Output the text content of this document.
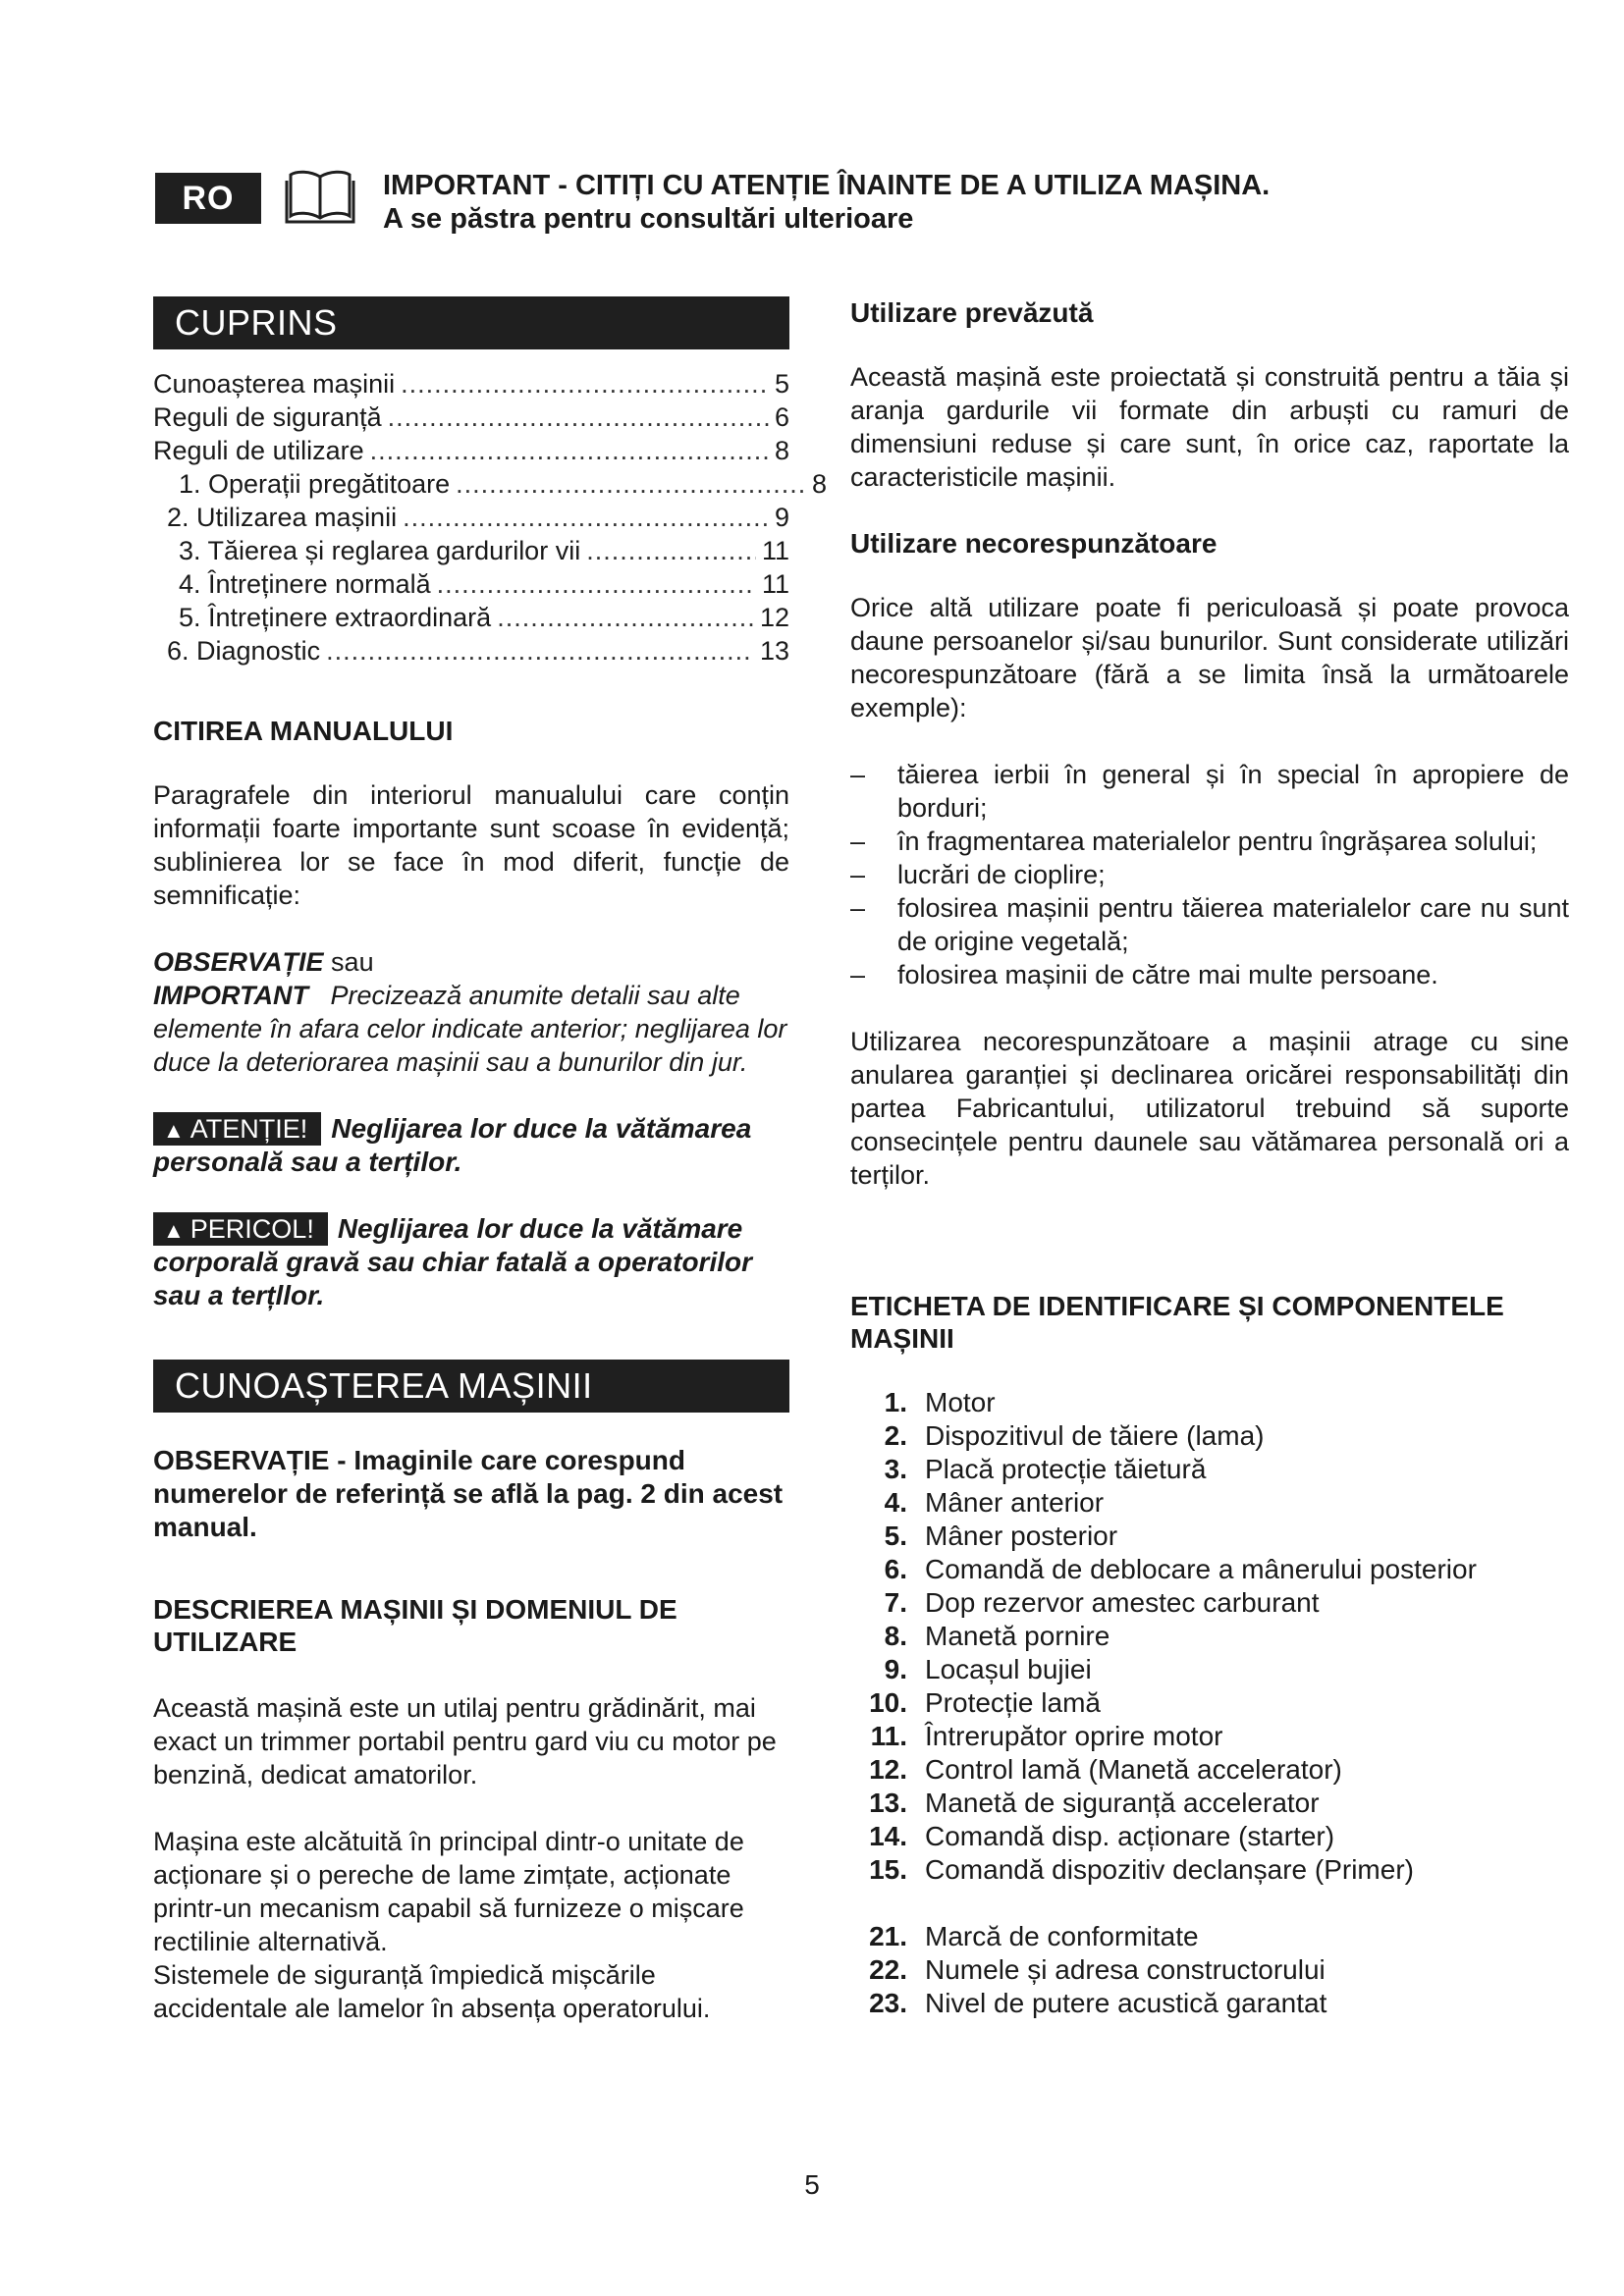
RO	IMPORTANT - CITIȚI CU ATENȚIE ÎNAINTE DE A UTILIZA MAȘINA.
A se păstra pentru consultări ulterioare
CUPRINS
Cunoașterea mașinii .....	5
Reguli de siguranță .....	6
Reguli de utilizare .....	8
1. Operații pregătitoare .....	8
2. Utilizarea mașinii .....	9
3. Tăierea și reglarea gardurilor vii .....	11
4. Întreținere normală .....	11
5. Întreținere extraordinară .....	12
6. Diagnostic .....	13
CITIREA MANUALULUI
Paragrafele din interiorul manualului care conțin informații foarte importante sunt scoase în evidență; sublinierea lor se face în mod diferit, funcție de semnificație:
OBSERVAȚIE sau
IMPORTANT Precizează anumite detalii sau alte elemente în afara celor indicate anterior; neglijarea lor duce la deteriorarea mașinii sau a bunurilor din jur.
▲ ATENȚIE! Neglijarea lor duce la vătămarea personală sau a terților.
▲ PERICOL! Neglijarea lor duce la vătămare corporală gravă sau chiar fatală a operatorilor sau a terțllor.
CUNOAȘTEREA MAȘINII
OBSERVAȚIE - Imaginile care corespund numerelor de referință se află la pag. 2 din acest manual.
DESCRIEREA MAȘINII ȘI DOMENIUL DE UTILIZARE
Această mașină este un utilaj pentru grădinărit, mai exact un trimmer portabil pentru gard viu cu motor pe benzină, dedicat amatorilor.
Mașina este alcătuită în principal dintr-o unitate de acționare și o pereche de lame zimțate, acționate printr-un mecanism capabil să furnizeze o mișcare rectilinie alternativă.
Sistemele de siguranță împiedică mișcările accidentale ale lamelor în absența operatorului.
Utilizare prevăzută
Această mașină este proiectată și construită pentru a tăia și aranja gardurile vii formate din arbuști cu ramuri de dimensiuni reduse și care sunt, în orice caz, raportate la caracteristicile mașinii.
Utilizare necorespunzătoare
Orice altă utilizare poate fi periculoasă și poate provoca daune persoanelor și/sau bunurilor. Sunt considerate utilizări necorespunzătoare (fără a se limita însă la următoarele exemple):
–	tăierea ierbii în general și în special în apropiere de borduri;
–	în fragmentarea materialelor pentru îngrășarea solului;
–	lucrări de cioplire;
–	folosirea mașinii pentru tăierea materialelor care nu sunt de origine vegetală;
–	folosirea mașinii de către mai multe persoane.
Utilizarea necorespunzătoare a mașinii atrage cu sine anularea garanției și declinarea oricărei responsabilități din partea Fabricantului, utilizatorul trebuind să suporte consecințele pentru daunele sau vătămarea personală ori a terților.
ETICHETA DE IDENTIFICARE ȘI COMPONENTELE MAȘINII
1. Motor
2. Dispozitivul de tăiere (lama)
3. Placă protecție tăietură
4. Mâner anterior
5. Mâner posterior
6. Comandă de deblocare a mânerului posterior
7. Dop rezervor amestec carburant
8. Manetă pornire
9. Locașul bujiei
10. Protecție lamă
11. Întrerupător oprire motor
12. Control lamă (Manetă accelerator)
13. Manetă de siguranță accelerator
14. Comandă disp. acționare (starter)
15. Comandă dispozitiv declanșare (Primer)
21. Marcă de conformitate
22. Numele și adresa constructorului
23. Nivel de putere acustică garantat
5
